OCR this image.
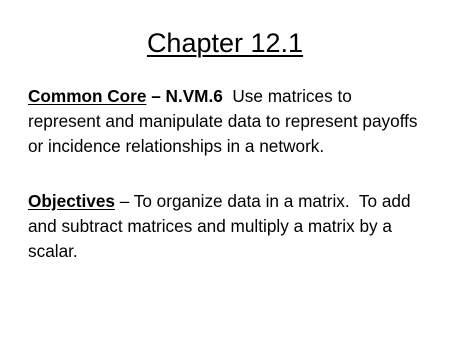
Chapter 12.1
Common Core – N.VM.6  Use matrices to represent and manipulate data to represent payoffs or incidence relationships in a network.
Objectives – To organize data in a matrix.  To add and subtract matrices and multiply a matrix by a scalar.
